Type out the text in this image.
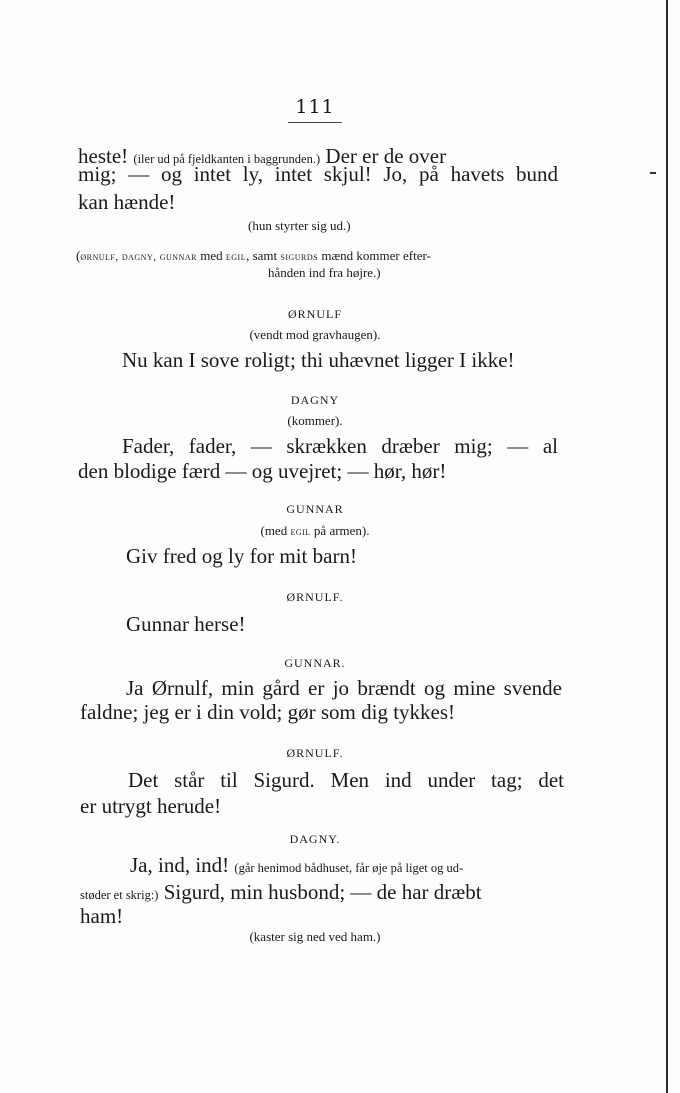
111
heste! (iler ud på fjeldkanten i baggrunden.) Der er de over
mig; — og intet ly, intet skjul! Jo, på havets bund
kan hænde!
(hun styrter sig ud.)
(ørnulf, dagny, gunnar med egil, samt sigurds mænd kommer efter-
hånden ind fra højre.)
ØRNULF
(vendt mod gravhaugen).
Nu kan I sove roligt; thi uhævnet ligger I ikke!
DAGNY
(kommer).
Fader, fader, — skrækken dræber mig; — al
den blodige færd — og uvejret; — hør, hør!
GUNNAR
(med egil på armen).
Giv fred og ly for mit barn!
ØRNULF.
Gunnar herse!
GUNNAR.
Ja Ørnulf, min gård er jo brændt og mine svende
faldne; jeg er i din vold; gør som dig tykkes!
ØRNULF.
Det står til Sigurd. Men ind under tag; det
er utrygt herude!
DAGNY.
Ja, ind, ind! (går henimod bådhuset, får øje på liget og ud-
støder et skrig:) Sigurd, min husbond; — de har dræbt
ham!
(kaster sig ned ved ham.)
